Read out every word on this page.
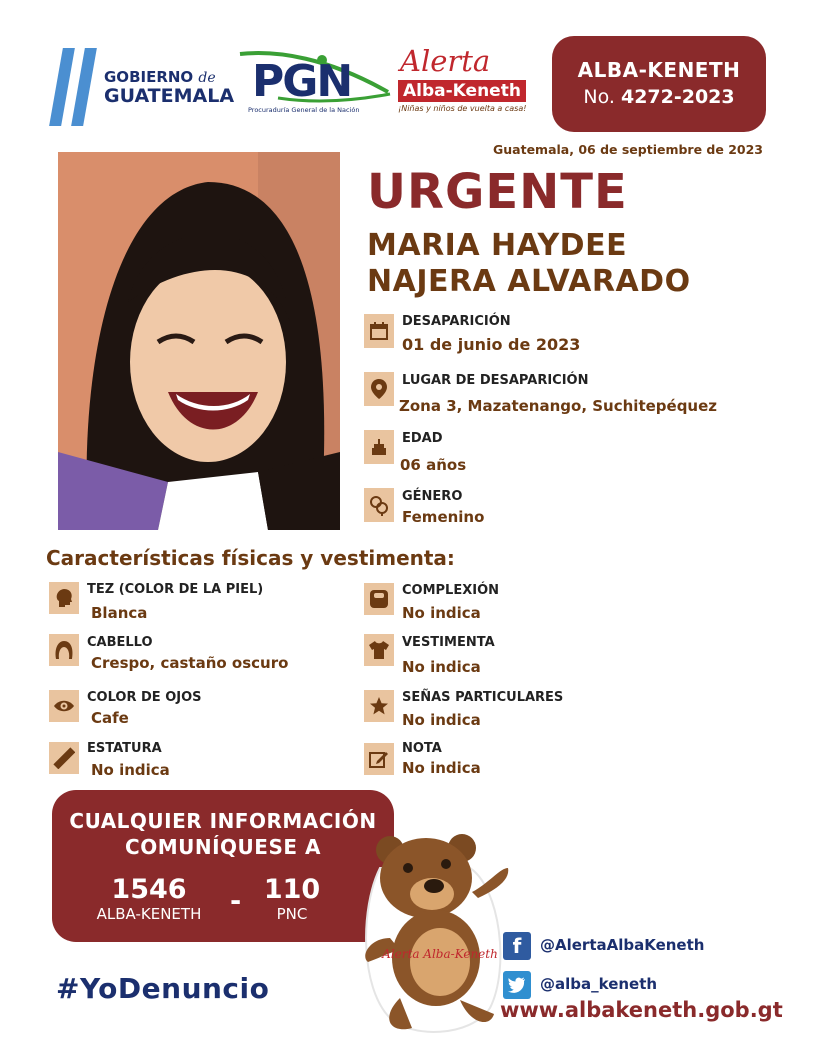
GOBIERNO de
GUATEMALA PGN
Procuraduría General de la Nación
Alerta
Alba-Keneth
¡Niñas y niños de vuelta a casa!
ALBA-KENETH
No. 4272-2023
Guatemala, 06 de septiembre de 2023
URGENTE
MARIA HAYDEE
NAJERA ALVARADO
DESAPARICIÓN
01 de junio de 2023
LUGAR DE DESAPARICIÓN
Zona 3, Mazatenango, Suchitepéquez
EDAD
06 años
GÉNERO
Femenino
Características físicas y vestimenta:
TEZ (COLOR DE LA PIEL)
Blanca
CABELLO
Crespo, castaño oscuro
COLOR DE OJOS
Cafe
ESTATURA
No indica
COMPLEXIÓN
No indica
VESTIMENTA
No indica
SEÑAS PARTICULARES
No indica
NOTA
No indica
CUALQUIER INFORMACIÓN
COMUNÍQUESE A
1546
ALBA-KENETH	- 110
PNC
Alerta Alba-Keneth
#YoDenuncio
f	@AlertaAlbaKeneth
@alba_keneth
www.albakeneth.gob.gt
